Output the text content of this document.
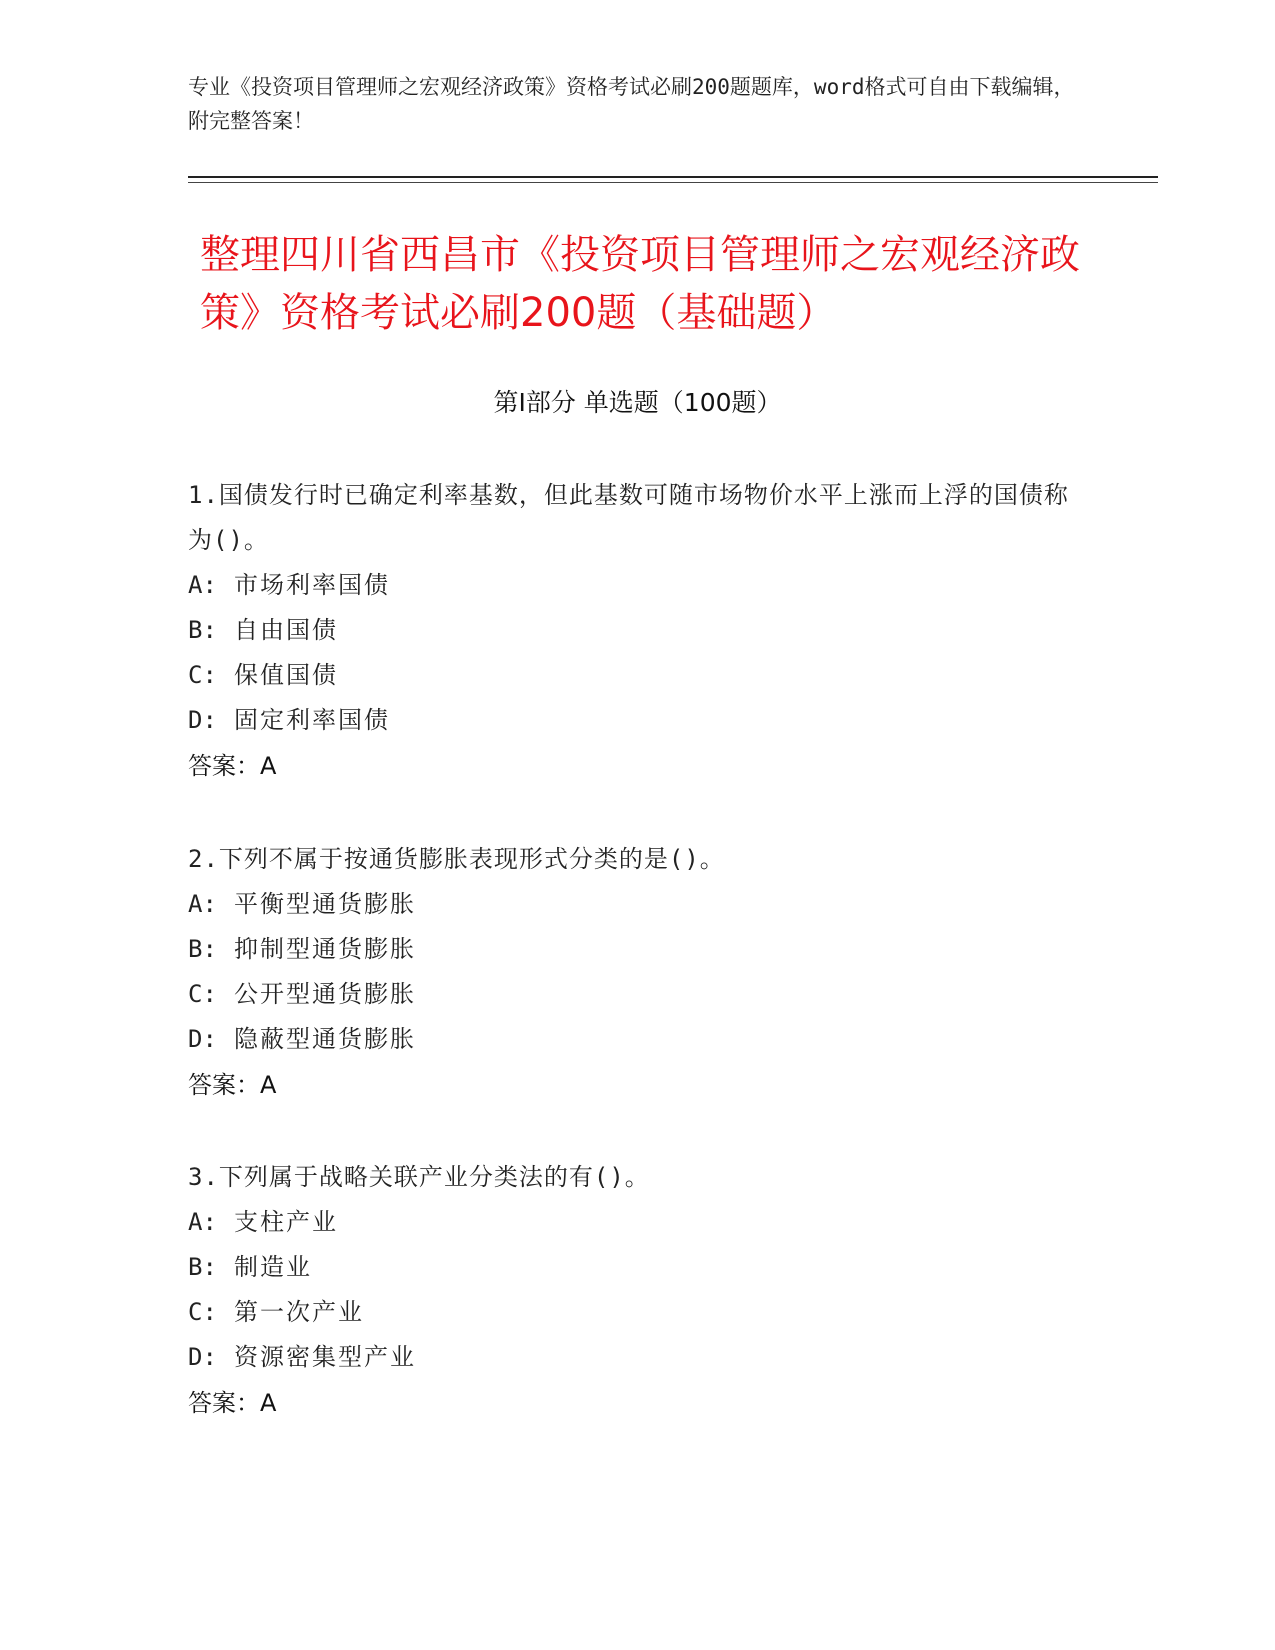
专业《投资项目管理师之宏观经济政策》资格考试必刷200题题库，word格式可自由下载编辑，附完整答案！
整理四川省西昌市《投资项目管理师之宏观经济政策》资格考试必刷200题（基础题）
第I部分 单选题（100题）
1.国债发行时已确定利率基数，但此基数可随市场物价水平上涨而上浮的国债称为()。
A: 市场利率国债
B: 自由国债
C: 保值国债
D: 固定利率国债
答案：A
2.下列不属于按通货膨胀表现形式分类的是()。
A: 平衡型通货膨胀
B: 抑制型通货膨胀
C: 公开型通货膨胀
D: 隐蔽型通货膨胀
答案：A
3.下列属于战略关联产业分类法的有()。
A: 支柱产业
B: 制造业
C: 第一次产业
D: 资源密集型产业
答案：A
